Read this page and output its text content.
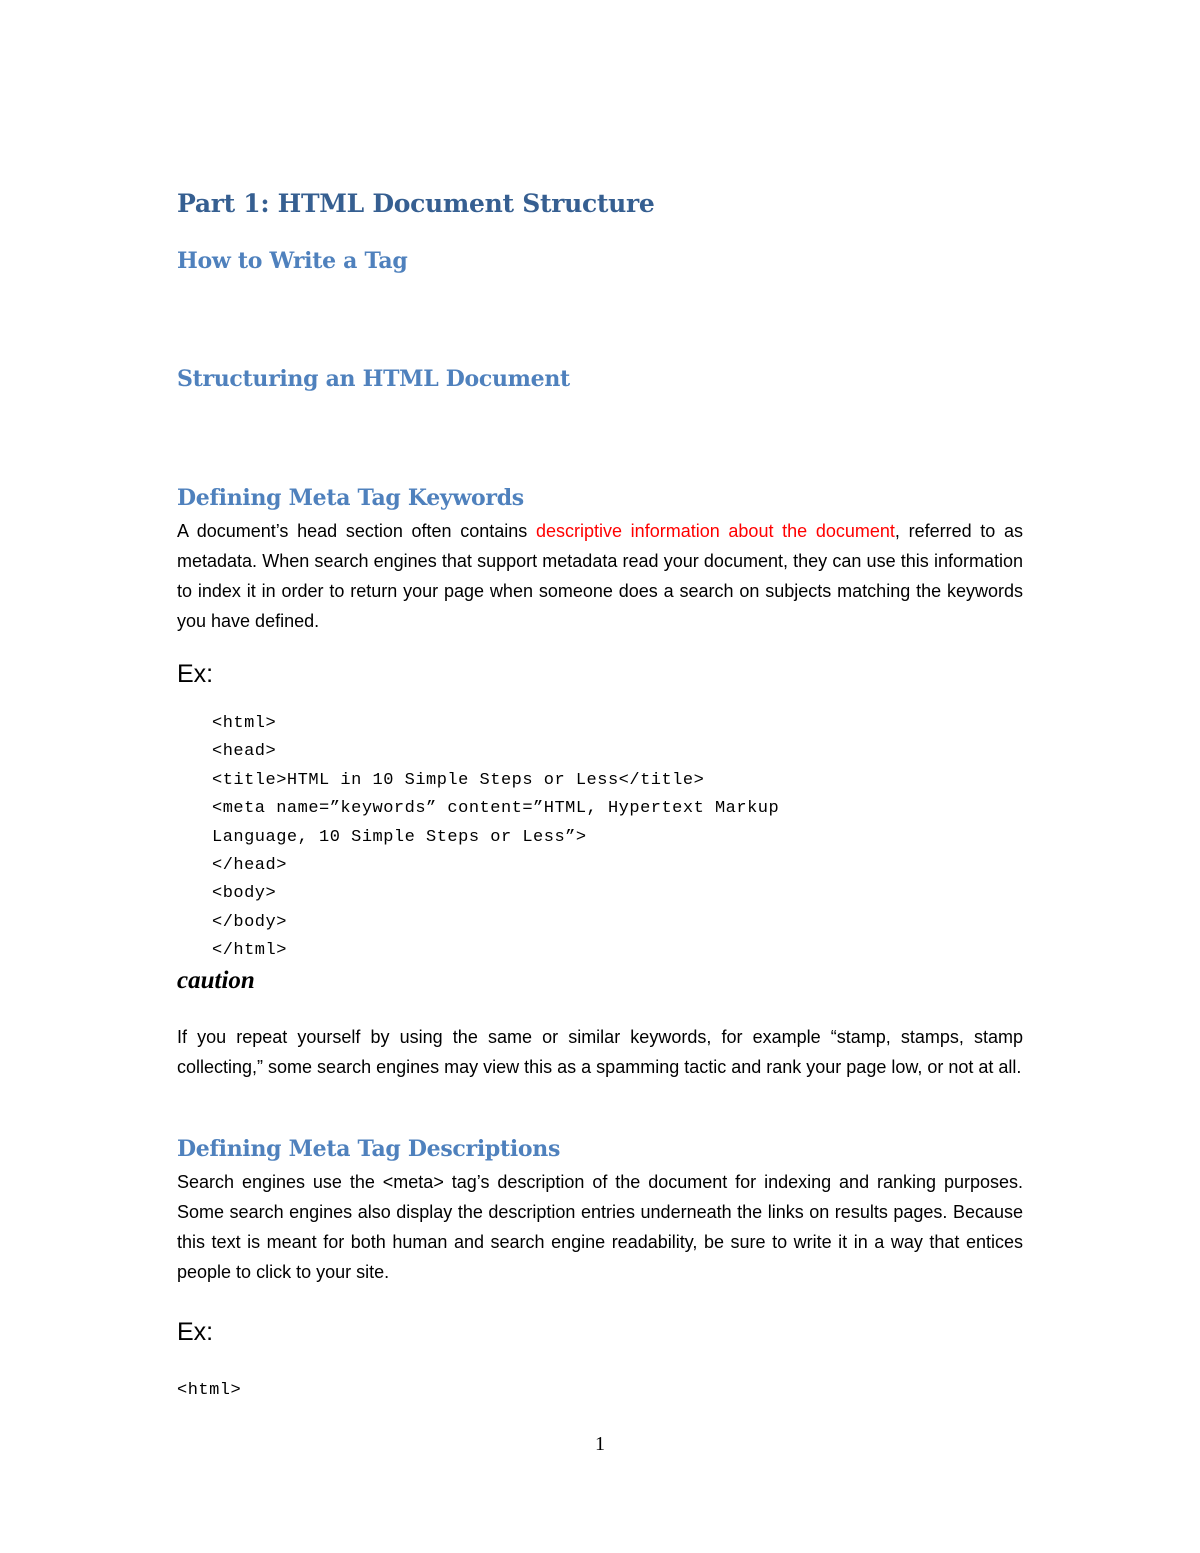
Part 1: HTML Document Structure
How to Write a Tag
Structuring an HTML Document
Defining Meta Tag Keywords

A document’s head section often contains descriptive information about the document, referred to as metadata. When search engines that support metadata read your document, they can use this information to index it in order to return your page when someone does a search on subjects matching the keywords you have defined.

Ex:
<html>
<head>
<title>HTML in 10 Simple Steps or Less</title>
<meta name=”keywords” content=”HTML, Hypertext Markup
Language, 10 Simple Steps or Less”>
</head>
<body>
</body>
</html>
caution

If you repeat yourself by using the same or similar keywords, for example “stamp, stamps, stamp collecting,” some search engines may view this as a spamming tactic and rank your page low, or not at all.

Defining Meta Tag Descriptions

Search engines use the <meta> tag’s description of the document for indexing and ranking purposes. Some search engines also display the description entries underneath the links on results pages. Because this text is meant for both human and search engine readability, be sure to write it in a way that entices people to click to your site.

Ex:
<html>
1
